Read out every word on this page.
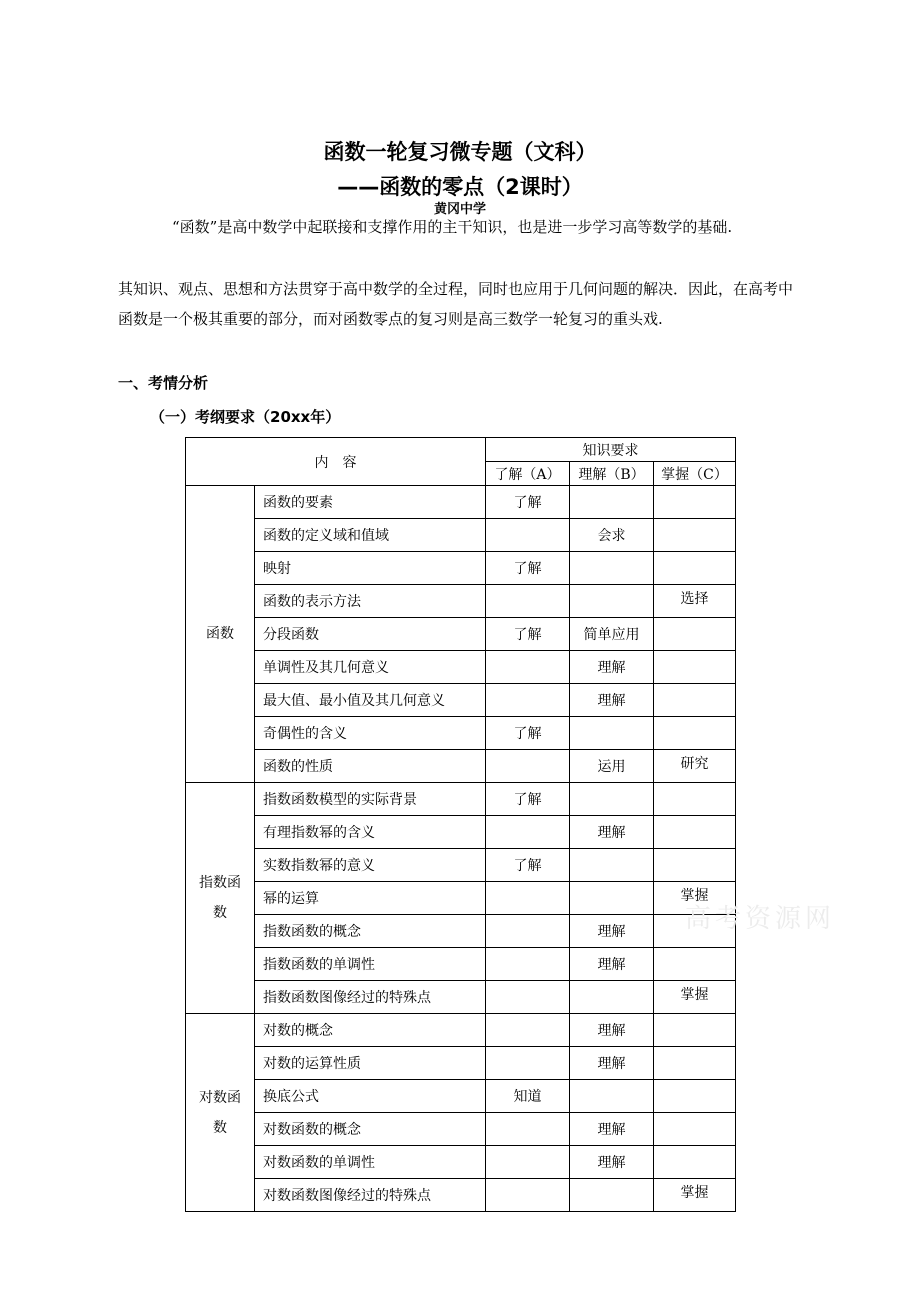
函数一轮复习微专题（文科）
——函数的零点（2课时）
黄冈中学
“函数”是高中数学中起联接和支撑作用的主干知识，也是进一步学习高等数学的基础.
其知识、观点、思想和方法贯穿于高中数学的全过程，同时也应用于几何问题的解决．因此，在高考中函数是一个极其重要的部分，而对函数零点的复习则是高三数学一轮复习的重头戏.
一、考情分析
（一）考纲要求（20xx年）
内　容		知识要求		
		了解（A）	理解（B）	掌握（C）
函数	函数的要素	了解		
	函数的定义域和值域		会求	
	映射	了解		
	函数的表示方法			选择
	分段函数	了解	简单应用	
	单调性及其几何意义		理解	
	最大值、最小值及其几何意义		理解	
	奇偶性的含义	了解		
	函数的性质		运用	研究
指数函数	指数函数模型的实际背景	了解		
	有理指数幂的含义		理解	
	实数指数幂的意义	了解		
	幂的运算			掌握
	指数函数的概念		理解	
	指数函数的单调性		理解	
	指数函数图像经过的特殊点			掌握
对数函数	对数的概念		理解	
	对数的运算性质		理解	
	换底公式	知道		
	对数函数的概念		理解	
	对数函数的单调性		理解	
	对数函数图像经过的特殊点			掌握
高考资源网
